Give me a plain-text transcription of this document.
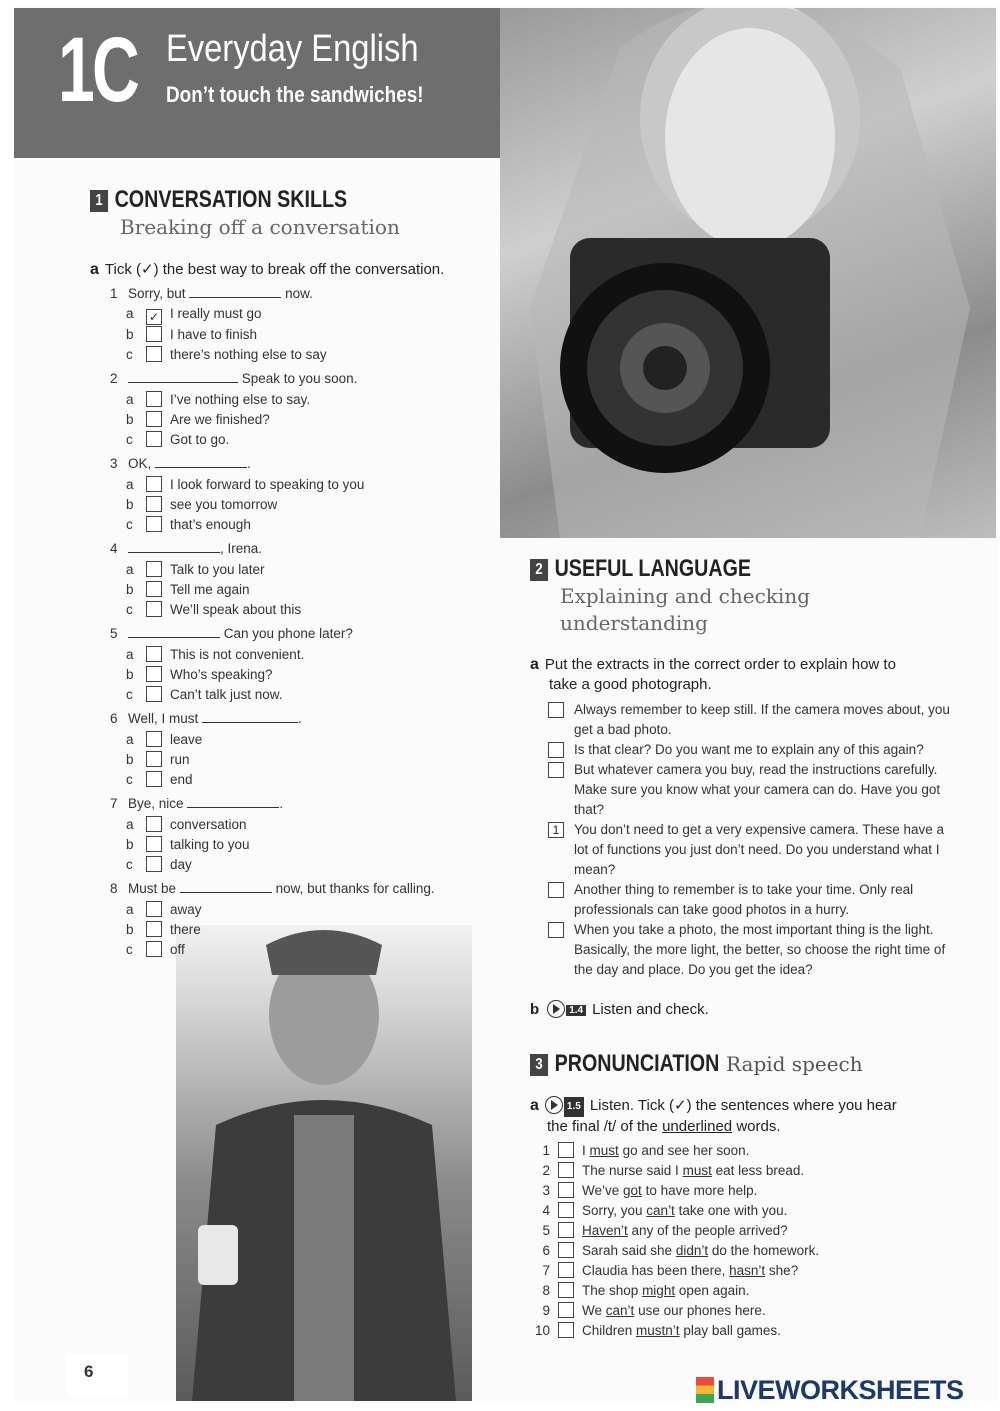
1C Everyday English
Don’t touch the sandwiches!
1 CONVERSATION SKILLS
Breaking off a conversation
a Tick (✓) the best way to break off the conversation.
1 Sorry, but	now.
a ✓ I really must go
b	I have to finish
c	there’s nothing else to say
2	Speak to you soon.
a	I’ve nothing else to say.
b	Are we finished?
c	Got to go.
3 OK,	.
a	I look forward to speaking to you
b	see you tomorrow
c	that’s enough
4	, Irena.
a	Talk to you later
b	Tell me again
c	We’ll speak about this
5	Can you phone later?
a	This is not convenient.
b	Who’s speaking?
c	Can’t talk just now.
6 Well, I must	.
a	leave
b	run
c	end
7 Bye, nice	.
a	conversation
b	talking to you
c	day
8 Must be	now, but thanks for calling.
a	away
b	there
c	off
2 USEFUL LANGUAGE
Explaining and checking
understanding
a Put the extracts in the correct order to explain how to
take a good photograph.
Always remember to keep still. If the camera moves about, you get a bad photo.
Is that clear? Do you want me to explain any of this again?
But whatever camera you buy, read the instructions carefully. Make sure you know what your camera can do. Have you got that?
1	You don’t need to get a very expensive camera. These have a lot of functions you just don’t need. Do you understand what I mean?
Another thing to remember is to take your time. Only real professionals can take good photos in a hurry.
When you take a photo, the most important thing is the light. Basically, the more light, the better, so choose the right time of the day and place. Do you get the idea?
b	1.4 Listen and check.
3 PRONUNCIATION Rapid speech
a	1.5 Listen. Tick (✓) the sentences where you hear
the final /t/ of the underlined words.
1 I must go and see her soon.
2 The nurse said I must eat less bread.
3 We’ve got to have more help.
4 Sorry, you can’t take one with you.
5 Haven’t any of the people arrived?
6 Sarah said she didn’t do the homework.
7 Claudia has been there, hasn’t she?
8 The shop might open again.
9 We can’t use our phones here.
10 Children mustn’t play ball games.
6
LIVEWORKSHEETS
